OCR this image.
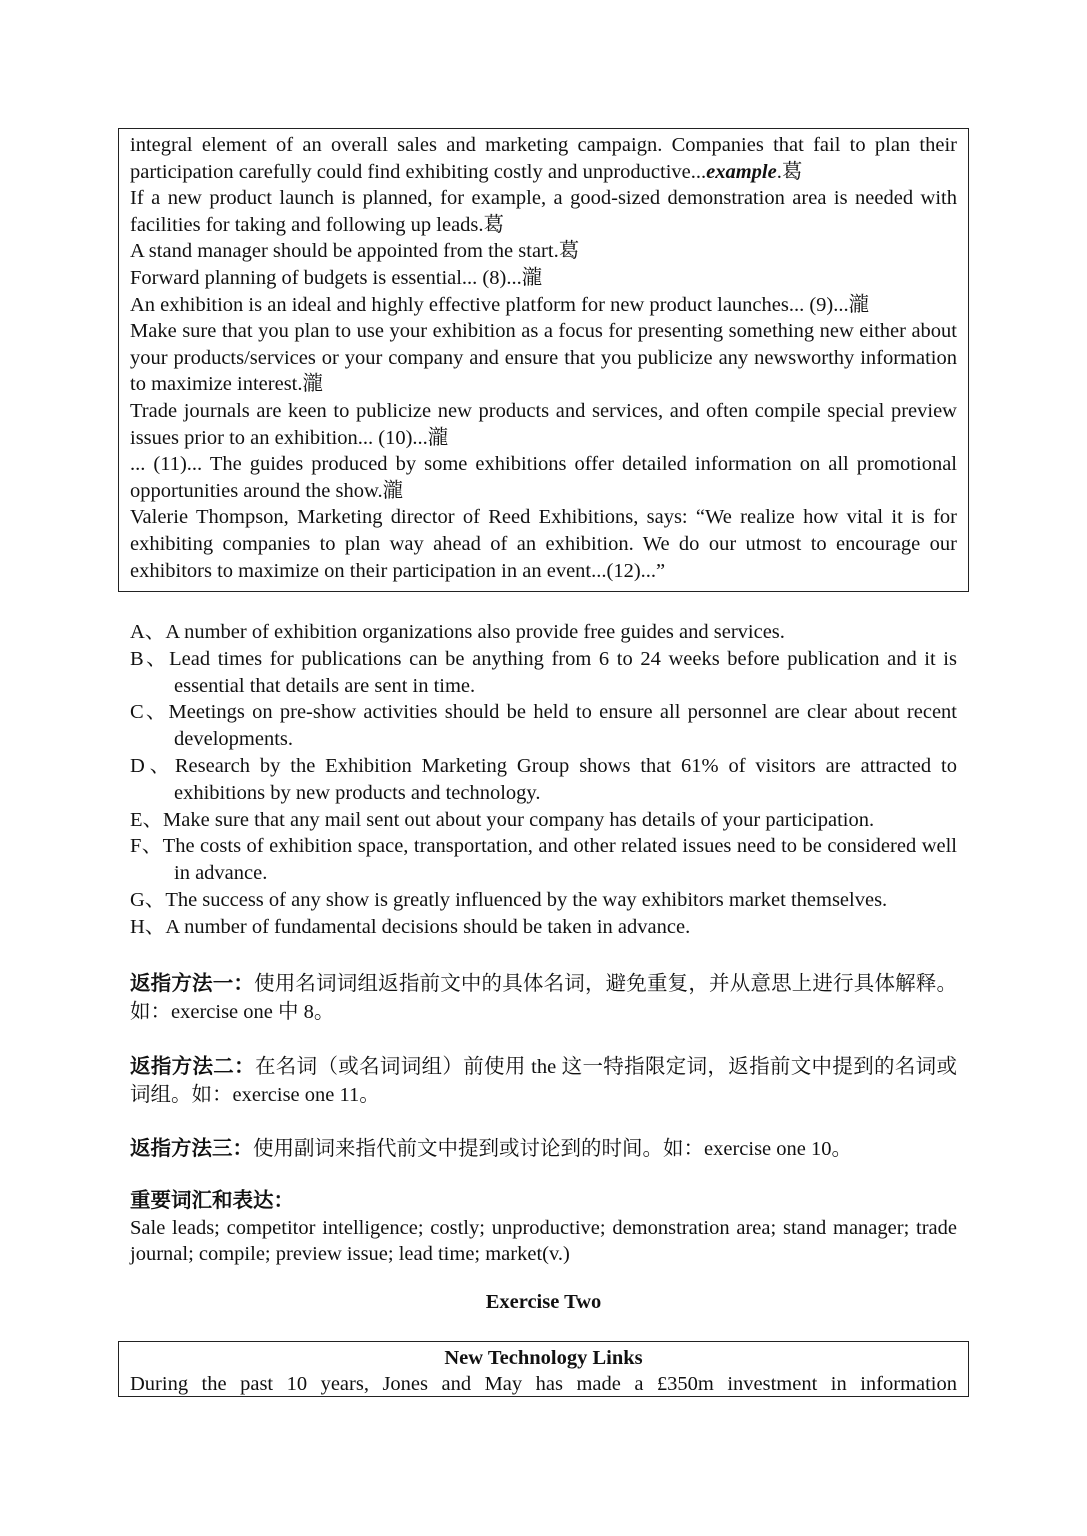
integral element of an overall sales and marketing campaign. Companies that fail to plan their participation carefully could find exhibiting costly and unproductive...example.葛

If a new product launch is planned, for example, a good-sized demonstration area is needed with facilities for taking and following up leads.葛

A stand manager should be appointed from the start.葛

Forward planning of budgets is essential... (8)...瀧

An exhibition is an ideal and highly effective platform for new product launches... (9)...瀧

Make sure that you plan to use your exhibition as a focus for presenting something new either about your products/services or your company and ensure that you publicize any newsworthy information to maximize interest.瀧

Trade journals are keen to publicize new products and services, and often compile special preview issues prior to an exhibition... (10)...瀧

... (11)... The guides produced by some exhibitions offer detailed information on all promotional opportunities around the show.瀧

Valerie Thompson, Marketing director of Reed Exhibitions, says: “We realize how vital it is for exhibiting companies to plan way ahead of an exhibition. We do our utmost to encourage our exhibitors to maximize on their participation in an event...(12)...”

A、A number of exhibition organizations also provide free guides and services.

B、Lead times for publications can be anything from 6 to 24 weeks before publication and it is essential that details are sent in time.

C、Meetings on pre-show activities should be held to ensure all personnel are clear about recent developments.

D、Research by the Exhibition Marketing Group shows that 61% of visitors are attracted to exhibitions by new products and technology.

E、Make sure that any mail sent out about your company has details of your participation.

F、The costs of exhibition space, transportation, and other related issues need to be considered well in advance.

G、The success of any show is greatly influenced by the way exhibitors market themselves.

H、A number of fundamental decisions should be taken in advance.

返指方法一：使用名词词组返指前文中的具体名词，避免重复，并从意思上进行具体解释。如：exercise one 中 8。
返指方法二：在名词（或名词词组）前使用 the 这一特指限定词，返指前文中提到的名词或词组。如：exercise one 11。
返指方法三：使用副词来指代前文中提到或讨论到的时间。如：exercise one 10。
重要词汇和表达：
Sale leads; competitor intelligence; costly; unproductive; demonstration area; stand manager; trade journal; compile; preview issue; lead time; market(v.)
Exercise Two
New Technology Links
During the past 10 years, Jones and May has made a £350m investment in information
